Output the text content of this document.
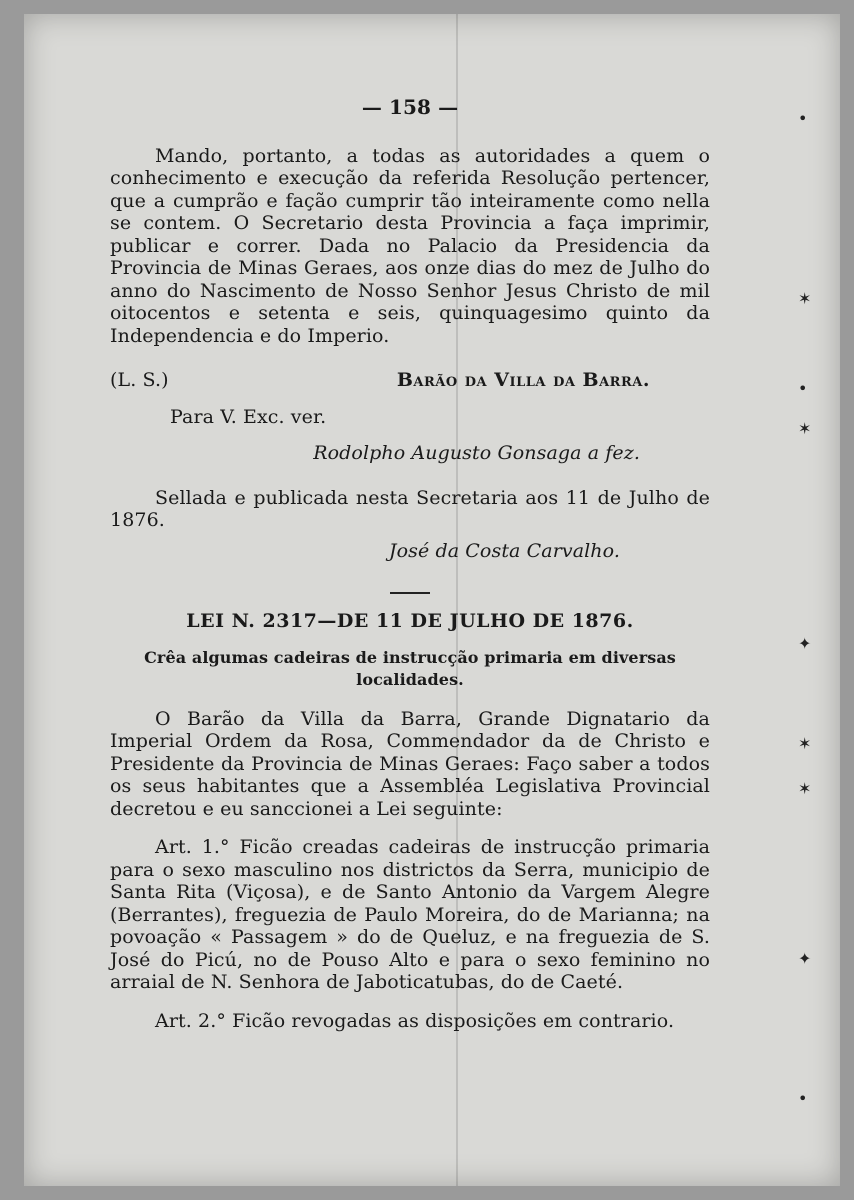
•
✶
•
✶
✦
✶
✶
✦
•
— 158 —

Mando, portanto, a todas as autoridades a quem o conhecimento e execução da referida Resolução pertencer, que a cumprão e fação cumprir tão inteiramente como nella se contem. O Secretario desta Provincia a faça imprimir, publicar e correr. Dada no Palacio da Presidencia da Provincia de Minas Geraes, aos onze dias do mez de Julho do anno do Nascimento de Nosso Senhor Jesus Christo de mil oitocentos e setenta e seis, quinquagesimo quinto da Independencia e do Imperio.

(L. S.)	Barão da Villa da Barra.
Para V. Exc. ver.
Rodolpho Augusto Gonsaga a fez.

Sellada e publicada nesta Secretaria aos 11 de Julho de 1876.

José da Costa Carvalho.
LEI N. 2317—DE 11 DE JULHO DE 1876.
Crêa algumas cadeiras de instrucção primaria em diversas localidades.

O Barão da Villa da Barra, Grande Dignatario da Imperial Ordem da Rosa, Commendador da de Christo e Presidente da Provincia de Minas Geraes: Faço saber a todos os seus habitantes que a Assembléa Legislativa Provincial decretou e eu sanccionei a Lei seguinte:

Art. 1.° Ficão creadas cadeiras de instrucção primaria para o sexo masculino nos districtos da Serra, municipio de Santa Rita (Viçosa), e de Santo Antonio da Vargem Alegre (Berrantes), freguezia de Paulo Moreira, do de Marianna; na povoação « Passagem » do de Queluz, e na freguezia de S. José do Picú, no de Pouso Alto e para o sexo feminino no arraial de N. Senhora de Jaboticatubas, do de Caeté.

Art. 2.° Ficão revogadas as disposições em contrario.
